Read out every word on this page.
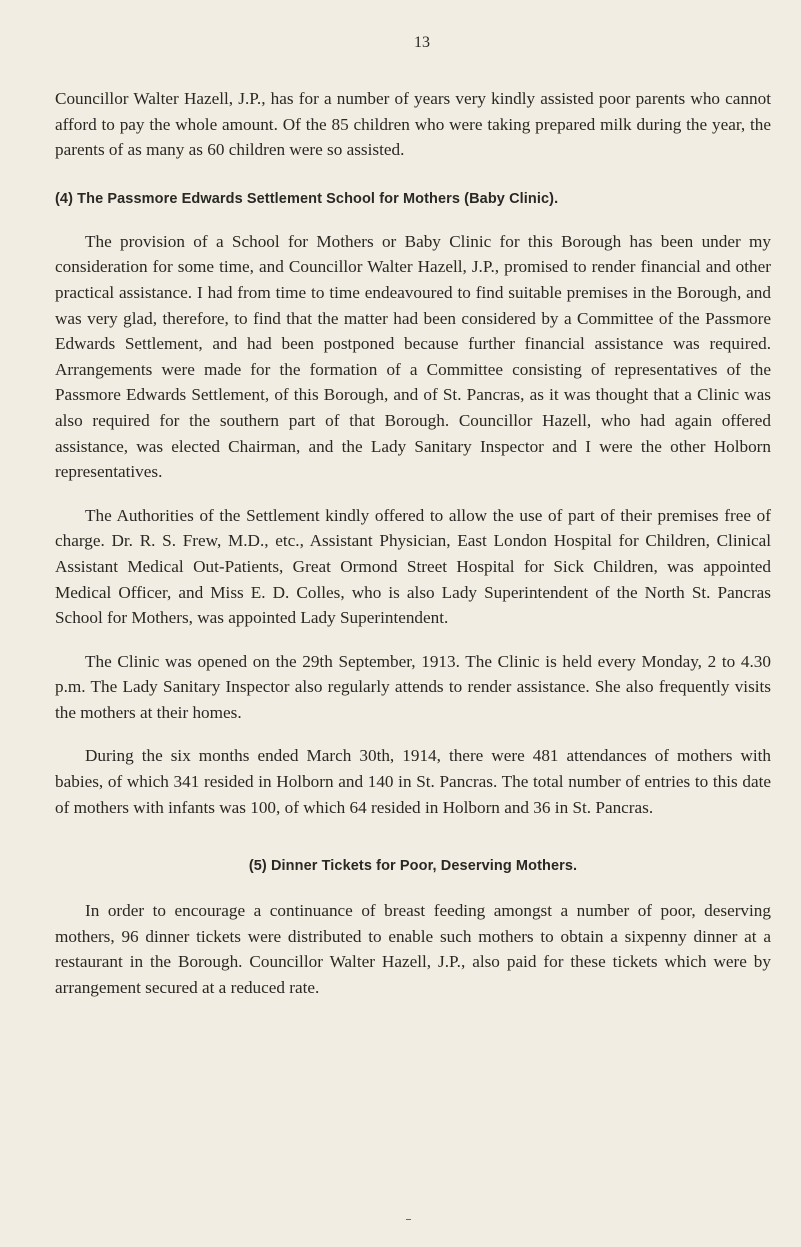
13

Councillor Walter Hazell, J.P., has for a number of years very kindly assisted poor parents who cannot afford to pay the whole amount. Of the 85 children who were taking prepared milk during the year, the parents of as many as 60 children were so assisted.

(4) The Passmore Edwards Settlement School for Mothers (Baby Clinic).

The provision of a School for Mothers or Baby Clinic for this Borough has been under my consideration for some time, and Councillor Walter Hazell, J.P., promised to render financial and other practical assistance. I had from time to time endeavoured to find suitable premises in the Borough, and was very glad, therefore, to find that the matter had been considered by a Committee of the Passmore Edwards Settlement, and had been postponed because further financial assistance was required. Arrangements were made for the formation of a Committee consisting of representatives of the Passmore Edwards Settlement, of this Borough, and of St. Pancras, as it was thought that a Clinic was also required for the southern part of that Borough. Councillor Hazell, who had again offered assistance, was elected Chairman, and the Lady Sanitary Inspector and I were the other Holborn representatives.

The Authorities of the Settlement kindly offered to allow the use of part of their premises free of charge. Dr. R. S. Frew, M.D., etc., Assistant Physician, East London Hospital for Children, Clinical Assistant Medical Out-Patients, Great Ormond Street Hospital for Sick Children, was appointed Medical Officer, and Miss E. D. Colles, who is also Lady Superintendent of the North St. Pancras School for Mothers, was appointed Lady Superintendent.

The Clinic was opened on the 29th September, 1913. The Clinic is held every Monday, 2 to 4.30 p.m. The Lady Sanitary Inspector also regularly attends to render assistance. She also frequently visits the mothers at their homes.

During the six months ended March 30th, 1914, there were 481 attendances of mothers with babies, of which 341 resided in Holborn and 140 in St. Pancras. The total number of entries to this date of mothers with infants was 100, of which 64 resided in Holborn and 36 in St. Pancras.

(5) Dinner Tickets for Poor, Deserving Mothers.

In order to encourage a continuance of breast feeding amongst a number of poor, deserving mothers, 96 dinner tickets were distributed to enable such mothers to obtain a sixpenny dinner at a restaurant in the Borough. Councillor Walter Hazell, J.P., also paid for these tickets which were by arrangement secured at a reduced rate.
